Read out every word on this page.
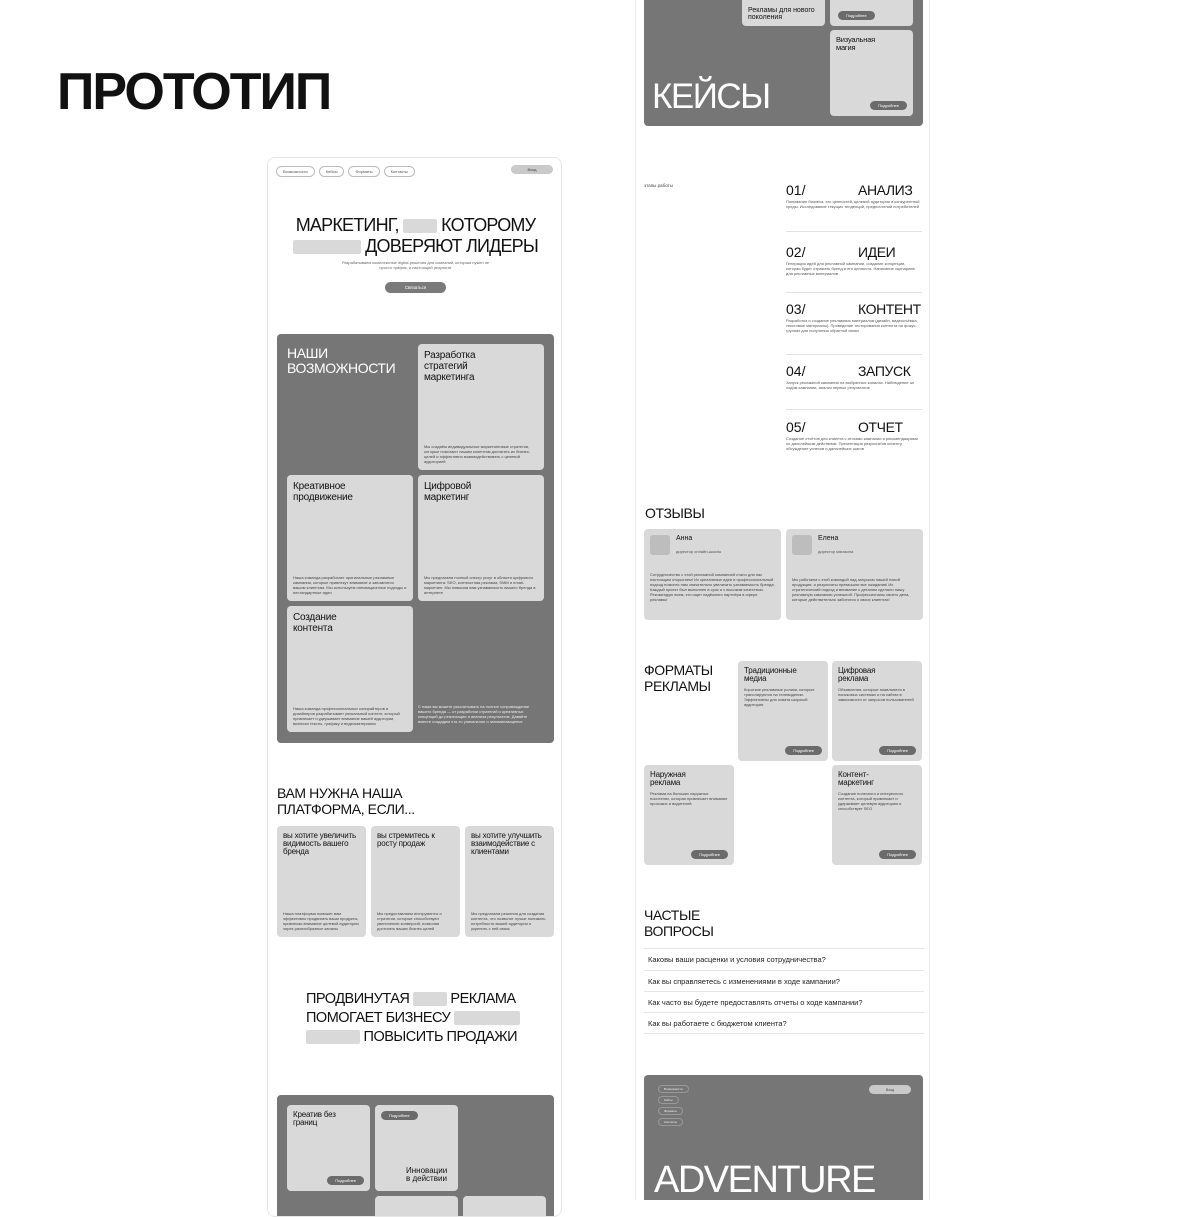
ПРОТОТИП
Возможности	Кейсы	Форматы	Контакты	Вход
МАРКЕТИНГ, КОТОРОМУ
ДОВЕРЯЮТ ЛИДЕРЫ
Разрабатываем комплексные digital-решения для компаний, которым нужен не просто трафик, а настоящий результат
Связаться
НАШИ ВОЗМОЖНОСТИ
Разработка стратегий маркетинга
Мы создаём индивидуальные маркетинговые стратегии, которые помогают нашим клиентам достигать их бизнес-целей и эффективно взаимодействовать с целевой аудиторией
Креативное продвижение
Наша команда разработает оригинальные рекламные кампании, которые привлекут внимание и запомнятся вашим клиентам. Мы используем инновационные подходы и нестандартные идеи
Цифровой маркетинг
Мы предлагаем полный спектр услуг в области цифрового маркетинга: SEO, контекстная реклама, SMM и email-маркетинг. Мы повысим вам узнаваемость вашего бренда в интернете
Создание контента
Наша команда профессиональных копирайтеров и дизайнеров разрабатывает уникальный контент, который привлекает и удерживает внимание вашей аудитории, включая тексты, графику и видеоматериалы
С нами вы можете рассчитывать на полное сопровождение вашего бренда — от разработки стратегий и креативных концепций до реализации и анализа результатов. Давайте вместе создадим что-то уникальное и запоминающееся
ВАМ НУЖНА НАША ПЛАТФОРМА, ЕСЛИ...
вы хотите увеличить видимость вашего бренда
Наша платформа поможет вам эффективно продвигать ваши продукты, привлекая внимание целевой аудитории через разнообразные каналы
вы стремитесь к росту продаж
Мы предоставляем инструменты и стратегии, которые способствуют увеличению конверсий, позволяя достигать ваших бизнес-целей
вы хотите улучшить взаимодействие с клиентами
Мы предлагаем решения для создания контента, что позволит лучше понимать потребности вашей аудитории и укрепить с ней связь
ПРОДВИНУТАЯ	РЕКЛАМА
ПОМОГАЕТ БИЗНЕСУ
ПОВЫСИТЬ ПРОДАЖИ
Креатив без границ
Подробнее
Подробнее
Инновации в действии
Рекламы для нового поколения	Подробнее
Визуальная магия
Подробнее
КЕЙСЫ
этапы работы	01/	АНАЛИЗ
Понимание бизнеса, его ценностей, целевой аудитории и конкурентной среды. Исследование текущих тенденций, предпочтений потребителей
02/	ИДЕИ
Генерация идей для рекламной кампании, создание концепции, которая будет отражать бренд и его ценности. Написание сценариев для рекламных материалов
03/	КОНТЕНТ
Разработка и создание рекламных материалов (дизайн, видеосъёмка, текстовые материалы). Проведение тестирования контента на фокус-группах для получения обратной связи
04/	ЗАПУСК
Запуск рекламной кампании на выбранных каналах. Наблюдение за ходом кампании, анализ первых результатов
05/	ОТЧЕТ
Создание отчётов для клиента с итогами кампании и рекомендациями по дальнейшим действиям. Презентация результатов клиенту, обсуждение успехов и дальнейших шагов
ОТЗЫВЫ
Анна
директор онлайн-школы
Сотрудничество с этой рекламной компанией стало для нас настоящим открытием! Их креативные идеи и профессиональный подход помогли нам значительно увеличить узнаваемость бренда. Каждый проект был выполнен в срок и с высоким качеством. Рекомендую всем, кто ищет надёжного партнёра в сфере рекламы!
Елена
директор магазина
Мы работаем с этой командой над запуском нашей новой продукции, и результаты превзошли все ожидания! Их стратегический подход и внимание к деталям сделали нашу рекламную кампанию успешной. Профессионалы своего дела, которые действительно заботятся о своих клиентах!
ФОРМАТЫ РЕКЛАМЫ
Традиционные медиа
Короткие рекламные ролики, которые транслируются на телевидении. Эффективны для охвата широкой аудитории
Подробнее
Цифровая реклама
Объявления, которые появляются в поисковых системах и на сайтах в зависимости от запросов пользователей
Подробнее
Наружная реклама
Реклама на больших наружных носителях, которая привлекает внимание прохожих и водителей
Подробнее
Контент-маркетинг
Создание полезного и интересного контента, который привлекает и удерживает целевую аудиторию и способствует SEO
Подробнее
ЧАСТЫЕ ВОПРОСЫ
Каковы ваши расценки и условия сотрудничества?
Как вы справляетесь с изменениями в ходе кампании?
Как часто вы будете предоставлять отчеты о ходе кампании?
Как вы работаете с бюджетом клиента?
Возможности
Кейсы
Форматы
Контакты
Вход
ADVENTURE
